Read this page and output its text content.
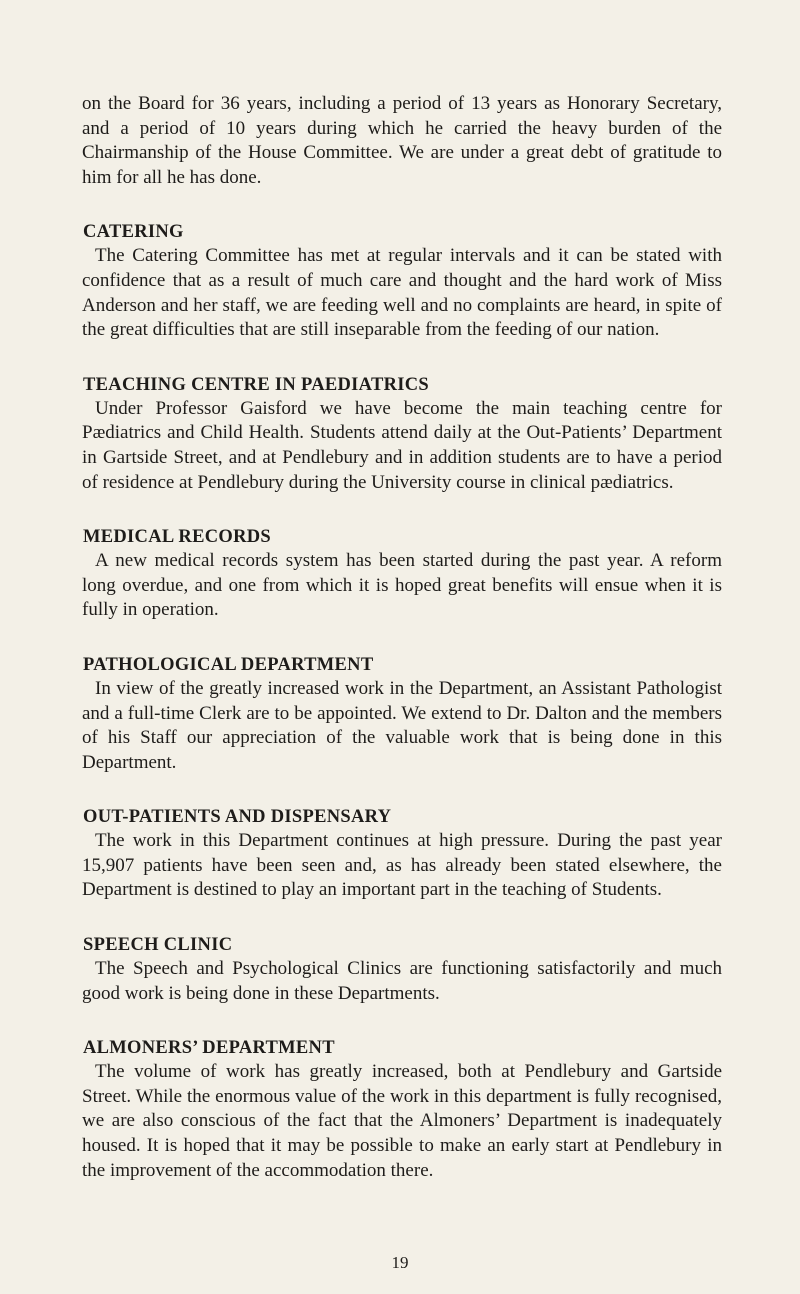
on the Board for 36 years, including a period of 13 years as Honorary Secretary, and a period of 10 years during which he carried the heavy burden of the Chairmanship of the House Committee. We are under a great debt of gratitude to him for all he has done.

CATERING

The Catering Committee has met at regular intervals and it can be stated with confidence that as a result of much care and thought and the hard work of Miss Anderson and her staff, we are feeding well and no complaints are heard, in spite of the great difficulties that are still inseparable from the feeding of our nation.

TEACHING CENTRE IN PAEDIATRICS

Under Professor Gaisford we have become the main teaching centre for Pædiatrics and Child Health. Students attend daily at the Out-Patients’ Department in Gartside Street, and at Pendlebury and in addition students are to have a period of residence at Pendlebury during the University course in clinical pædiatrics.

MEDICAL RECORDS

A new medical records system has been started during the past year. A reform long overdue, and one from which it is hoped great benefits will ensue when it is fully in operation.

PATHOLOGICAL DEPARTMENT

In view of the greatly increased work in the Department, an Assistant Pathologist and a full-time Clerk are to be appointed. We extend to Dr. Dalton and the members of his Staff our appreciation of the valuable work that is being done in this Department.

OUT-PATIENTS AND DISPENSARY

The work in this Department continues at high pressure. During the past year 15,907 patients have been seen and, as has already been stated elsewhere, the Department is destined to play an important part in the teaching of Students.

SPEECH CLINIC

The Speech and Psychological Clinics are functioning satisfactorily and much good work is being done in these Departments.

ALMONERS’ DEPARTMENT

The volume of work has greatly increased, both at Pendlebury and Gartside Street. While the enormous value of the work in this department is fully recognised, we are also conscious of the fact that the Almoners’ Department is inadequately housed. It is hoped that it may be possible to make an early start at Pendlebury in the improvement of the accommodation there.

19
